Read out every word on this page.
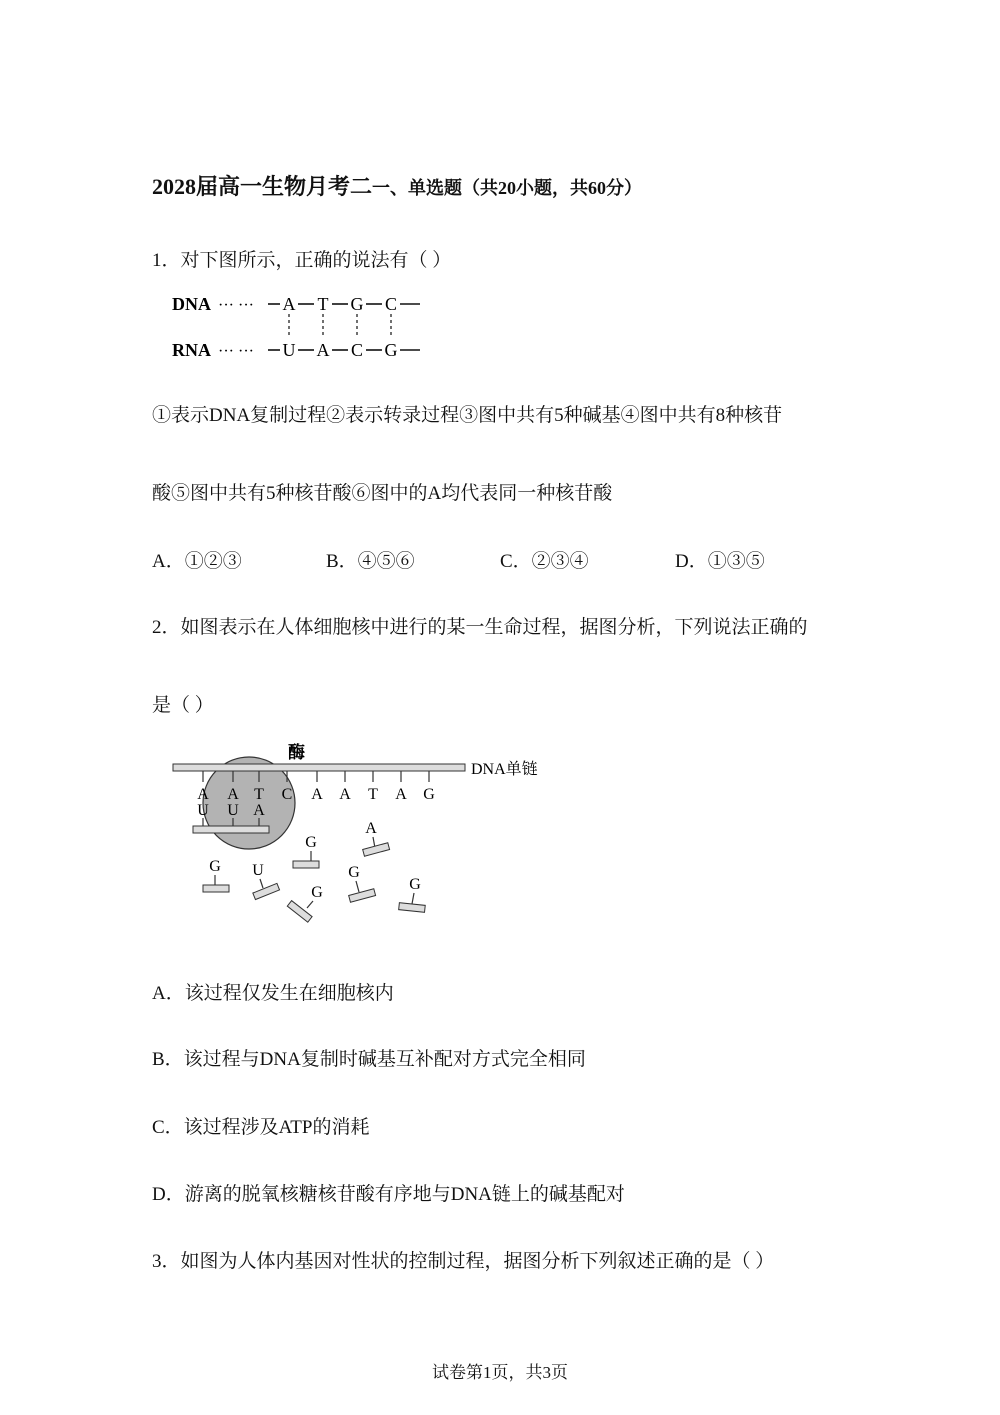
2028届高一生物月考二一、单选题（共20小题，共60分）
1．对下图所示，正确的说法有（ ）
DNA ··· ···
RNA ··· ···
A T G C
U A C G
①表示DNA复制过程②表示转录过程③图中共有5种碱基④图中共有8种核苷
酸⑤图中共有5种核苷酸⑥图中的A均代表同一种核苷酸
A．①②③	B．④⑤⑥	C．②③④	D．①③⑤
2．如图表示在人体细胞核中进行的某一生命过程，据图分析，下列说法正确的
是（ ）
酶
DNA单链
A A T C A A T A G
U U A
G
A
G U
G
G
G
A．该过程仅发生在细胞核内
B．该过程与DNA复制时碱基互补配对方式完全相同
C．该过程涉及ATP的消耗
D．游离的脱氧核糖核苷酸有序地与DNA链上的碱基配对
3．如图为人体内基因对性状的控制过程，据图分析下列叙述正确的是（ ）
试卷第1页，共3页
